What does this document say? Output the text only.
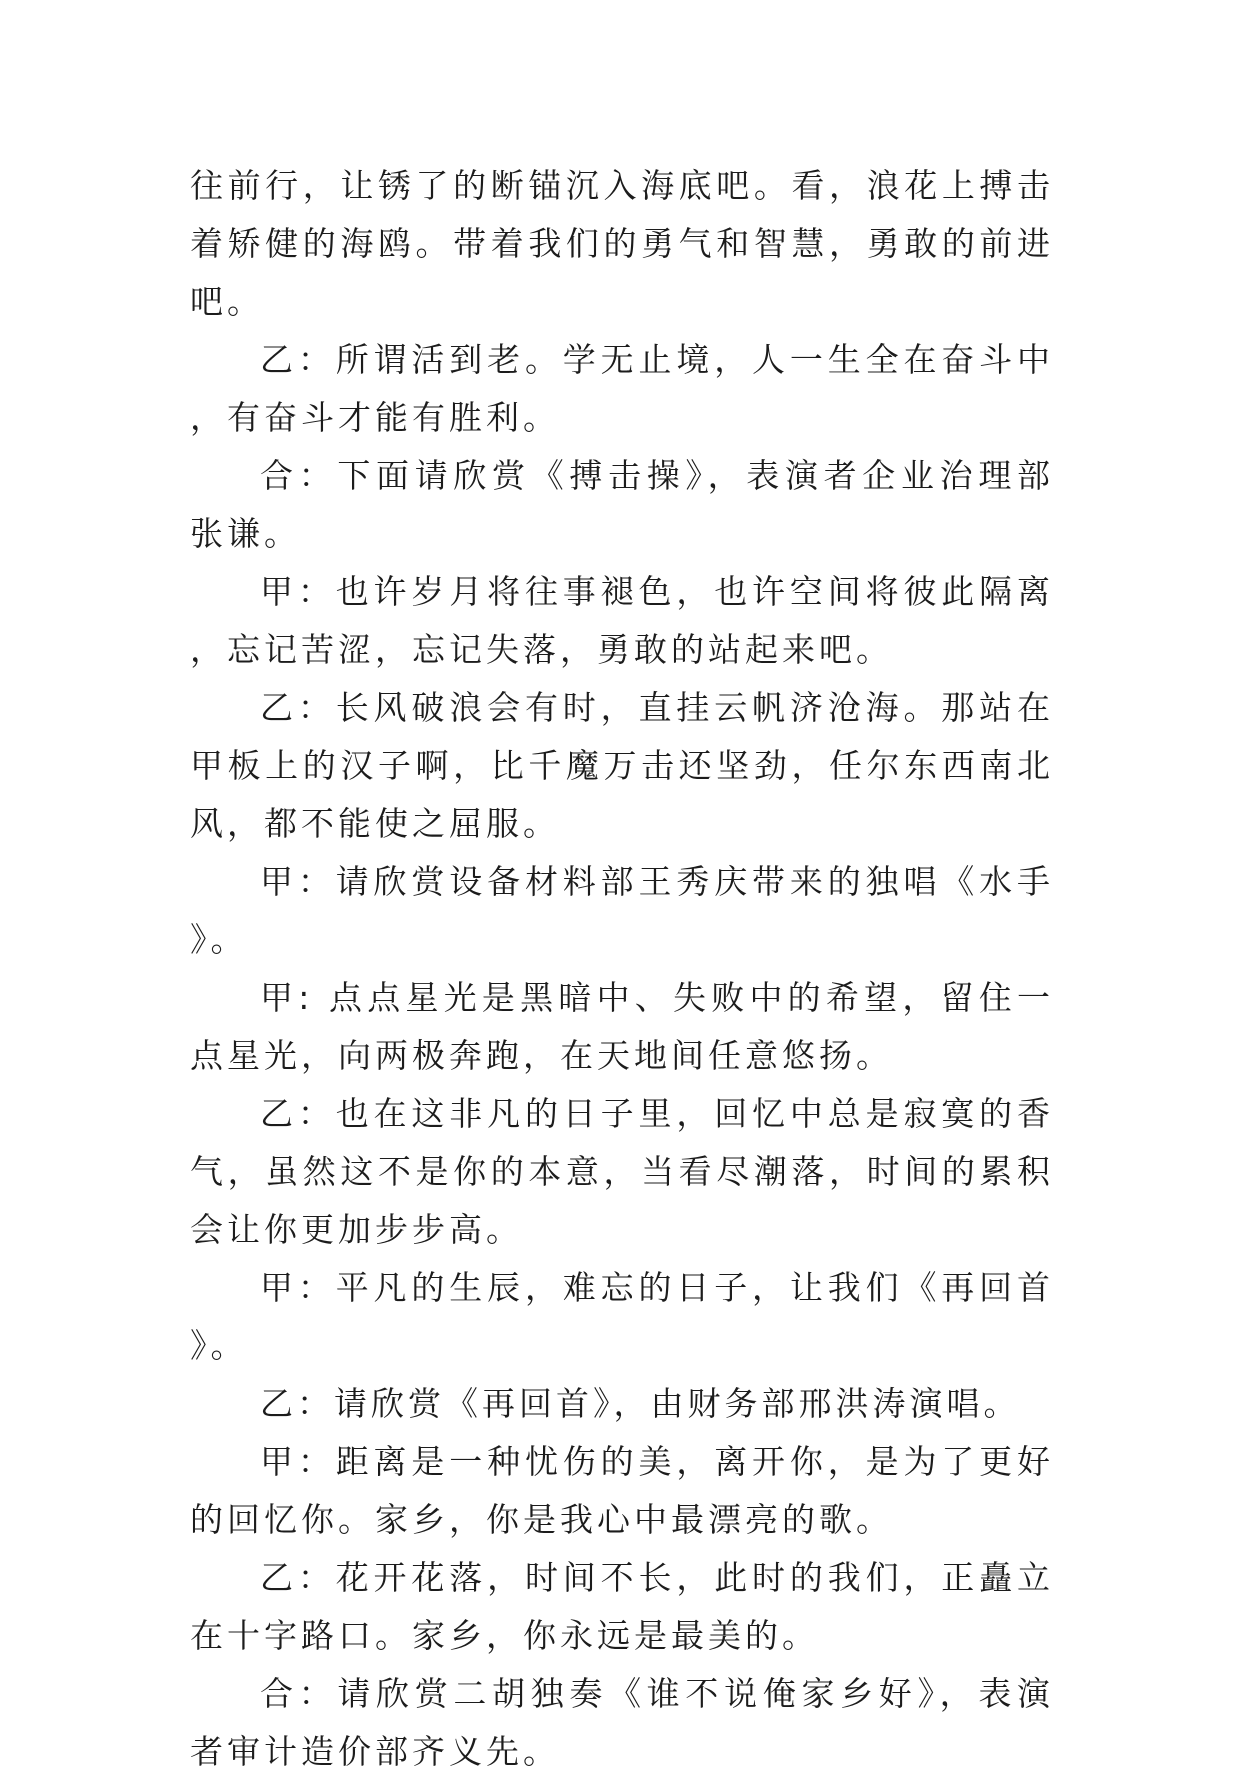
往前行，让锈了的断锚沉入海底吧。看，浪花上搏击着矫健的海鸥。带着我们的勇气和智慧，勇敢的前进吧。

乙：所谓活到老。学无止境，人一生全在奋斗中，有奋斗才能有胜利。

合：下面请欣赏《搏击操》，表演者企业治理部张谦。

甲：也许岁月将往事褪色，也许空间将彼此隔离，忘记苦涩，忘记失落，勇敢的站起来吧。

乙：长风破浪会有时，直挂云帆济沧海。那站在甲板上的汉子啊，比千魔万击还坚劲，任尔东西南北风，都不能使之屈服。

甲：请欣赏设备材料部王秀庆带来的独唱《水手》。

甲: 点点星光是黑暗中、失败中的希望，留住一点星光，向两极奔跑，在天地间任意悠扬。

乙：也在这非凡的日子里，回忆中总是寂寞的香气，虽然这不是你的本意，当看尽潮落，时间的累积会让你更加步步高。

甲：平凡的生辰，难忘的日子，让我们《再回首》。

乙：请欣赏《再回首》，由财务部邢洪涛演唱。

甲：距离是一种忧伤的美，离开你，是为了更好的回忆你。家乡，你是我心中最漂亮的歌。

乙：花开花落，时间不长，此时的我们，正矗立在十字路口。家乡，你永远是最美的。

合：请欣赏二胡独奏《谁不说俺家乡好》，表演者审计造价部齐义先。
